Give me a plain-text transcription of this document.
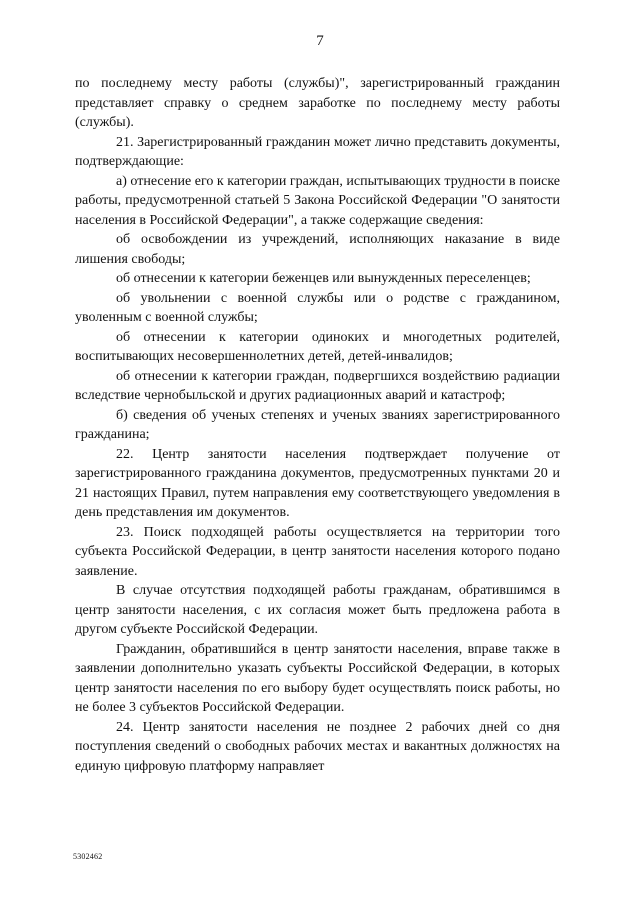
7

по последнему месту работы (службы)", зарегистрированный гражданин представляет справку о среднем заработке по последнему месту работы (службы).

21. Зарегистрированный гражданин может лично представить документы, подтверждающие:

а) отнесение его к категории граждан, испытывающих трудности в поиске работы, предусмотренной статьей 5 Закона Российской Федерации "О занятости населения в Российской Федерации", а также содержащие сведения:

об освобождении из учреждений, исполняющих наказание в виде лишения свободы;

об отнесении к категории беженцев или вынужденных переселенцев;

об увольнении с военной службы или о родстве с гражданином, уволенным с военной службы;

об отнесении к категории одиноких и многодетных родителей, воспитывающих несовершеннолетних детей, детей-инвалидов;

об отнесении к категории граждан, подвергшихся воздействию радиации вследствие чернобыльской и других радиационных аварий и катастроф;

б) сведения об ученых степенях и ученых званиях зарегистрированного гражданина;

22. Центр занятости населения подтверждает получение от зарегистрированного гражданина документов, предусмотренных пунктами 20 и 21 настоящих Правил, путем направления ему соответствующего уведомления в день представления им документов.

23. Поиск подходящей работы осуществляется на территории того субъекта Российской Федерации, в центр занятости населения которого подано заявление.

В случае отсутствия подходящей работы гражданам, обратившимся в центр занятости населения, с их согласия может быть предложена работа в другом субъекте Российской Федерации.

Гражданин, обратившийся в центр занятости населения, вправе также в заявлении дополнительно указать субъекты Российской Федерации, в которых центр занятости населения по его выбору будет осуществлять поиск работы, но не более 3 субъектов Российской Федерации.

24. Центр занятости населения не позднее 2 рабочих дней со дня поступления сведений о свободных рабочих местах и вакантных должностях на единую цифровую платформу направляет

5302462
